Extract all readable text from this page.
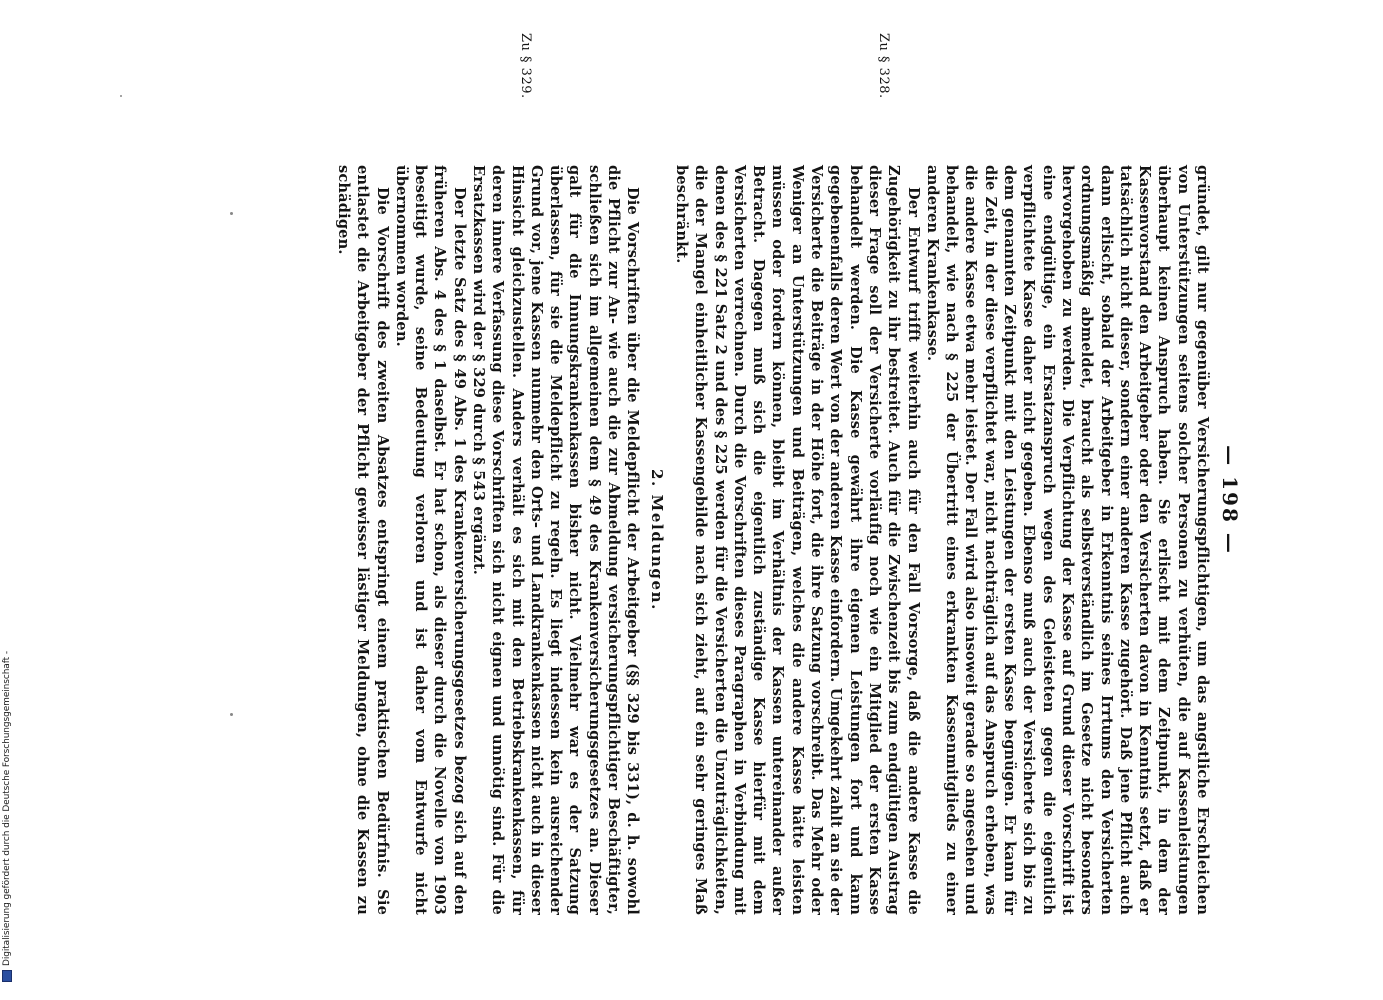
Digitalisierung gefördert durch die Deutsche Forschungsgemeinschaft -
— 198 —
Zu § 328.
Zu § 329.

gründet, gilt nur gegenüber Versicherungspflichtigen, um das angstliche Erschleichen von Unterstützungen seitens solcher Personen zu verhüten, die auf Kassenleistungen überhaupt keinen Anspruch haben. Sie erlischt mit dem Zeitpunkt, in dem der Kassenvorstand den Arbeitgeber oder den Versicherten davon in Kenntnis setzt, daß er tatsächlich nicht dieser, sondern einer anderen Kasse zugehört. Daß jene Pflicht auch dann erlischt, sobald der Arbeitgeber in Erkenntnis seines Irrtums den Versicherten ordnungsmäßig abmeldet, braucht als selbstverständlich im Gesetze nicht besonders hervorgehoben zu werden. Die Verpflichtung der Kasse auf Grund dieser Vorschrift ist eine endgültige, ein Ersatzanspruch wegen des Geleisteten gegen die eigentlich verpflichtete Kasse daher nicht gegeben. Ebenso muß auch der Versicherte sich bis zu dem genannten Zeitpunkt mit den Leistungen der ersten Kasse begnügen. Er kann für die Zeit, in der diese verpflichtet war, nicht nachträglich auf das Anspruch erheben, was die andere Kasse etwa mehr leistet. Der Fall wird also insoweit gerade so angesehen und behandelt, wie nach § 225 der Übertritt eines erkrankten Kassenmitglieds zu einer anderen Krankenkasse.

Der Entwurf trifft weiterhin auch für den Fall Vorsorge, daß die andere Kasse die Zugehörigkeit zu ihr bestreitet. Auch für die Zwischenzeit bis zum endgültigen Austrag dieser Frage soll der Versicherte vorläufig noch wie ein Mitglied der ersten Kasse behandelt werden. Die Kasse gewährt ihre eigenen Leistungen fort und kann gegebenenfalls deren Wert von der anderen Kasse einfordern. Umgekehrt zahlt an sie der Versicherte die Beiträge in der Höhe fort, die ihre Satzung vorschreibt. Das Mehr oder Weniger an Unterstützungen und Beiträgen, welches die andere Kasse hätte leisten müssen oder fordern können, bleibt im Verhältnis der Kassen untereinander außer Betracht. Dagegen muß sich die eigentlich zuständige Kasse hierfür mit dem Versicherten verrechnen. Durch die Vorschriften dieses Paragraphen in Verbindung mit denen des § 221 Satz 2 und des § 225 werden für die Versicherten die Unzuträglichkeiten, die der Mangel einheitlicher Kassengebilde nach sich zieht, auf ein sehr geringes Maß beschränkt.

2. Meldungen.

Die Vorschriften über die Meldepflicht der Arbeitgeber (§§ 329 bis 331), d. h. sowohl die Pflicht zur An- wie auch die zur Abmeldung versicherungspflichtiger Beschäftigter, schließen sich im allgemeinen dem § 49 des Krankenversicherungsgesetzes an. Dieser galt für die Innungskrankenkassen bisher nicht. Vielmehr war es der Satzung überlassen, für sie die Meldepflicht zu regeln. Es liegt indessen kein ausreichender Grund vor, jene Kassen nunmehr den Orts- und Landkrankenkassen nicht auch in dieser Hinsicht gleichzustellen. Anders verhält es sich mit den Betriebskrankenkassen, für deren innere Verfassung diese Vorschriften sich nicht eignen und unnötig sind. Für die Ersatzkassen wird der § 329 durch § 543 ergänzt.

Der letzte Satz des § 49 Abs. 1 des Krankenversicherungsgesetzes bezog sich auf den früheren Abs. 4 des § 1 daselbst. Er hat schon, als dieser durch die Novelle von 1903 beseitigt wurde, seine Bedeutung verloren und ist daher vom Entwurfe nicht übernommen worden.

Die Vorschrift des zweiten Absatzes entspringt einem praktischen Bedürfnis. Sie entlastet die Arbeitgeber der Pflicht gewisser lästiger Meldungen, ohne die Kassen zu schädigen.
